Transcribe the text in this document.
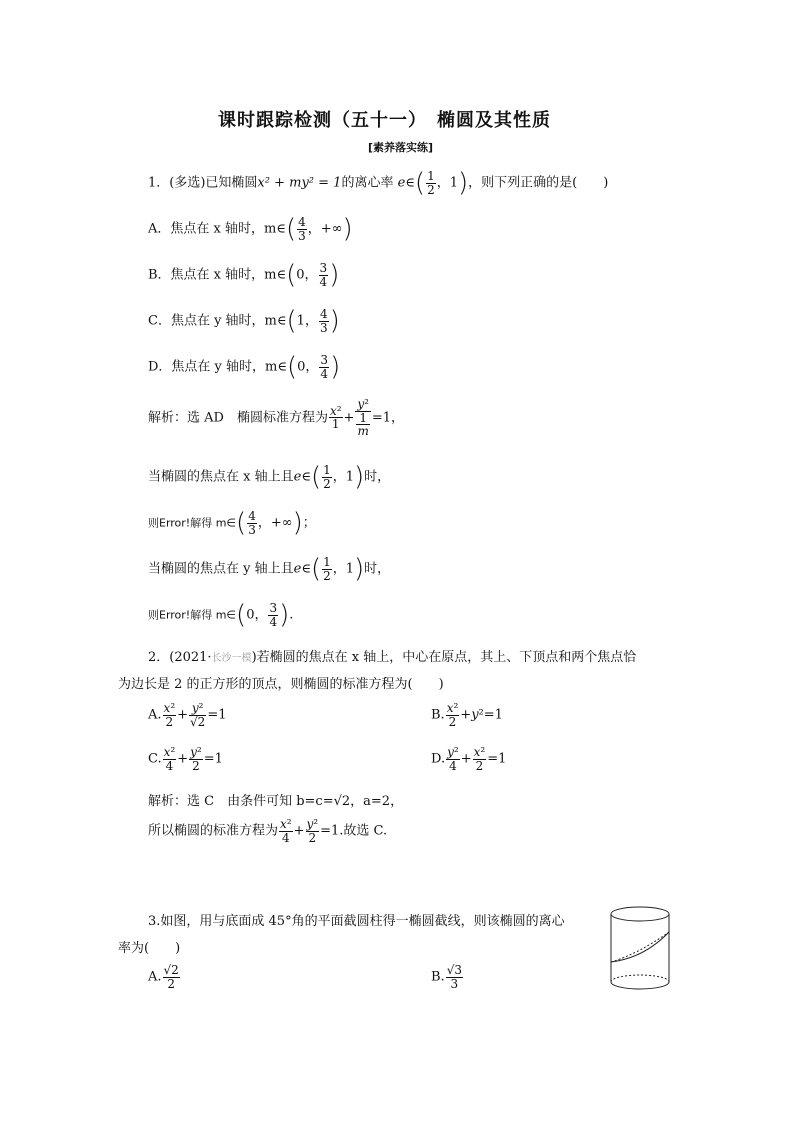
课时跟踪检测（五十一）　椭圆及其性质
[素养落实练]
1．(多选)已知椭圆x² + my² = 1的离心率 e∈( $\frac{1}{2}$ ，1)，则下列正确的是(　　)
A．焦点在 x 轴时，m∈( $\frac{4}{3}$ ，+∞)
B．焦点在 x 轴时，m∈(0， $\frac{3}{4}$ )
C．焦点在 y 轴时，m∈(1， $\frac{4}{3}$ )
D．焦点在 y 轴时，m∈(0， $\frac{3}{4}$ )
解析：选 AD　椭圆标准方程为 $\frac{\text{x²}}{1} + \frac{\text{y²}}{\frac{1}{m}} =1$，
当椭圆的焦点在 x 轴上且e∈( $\frac{1}{2}$ ，1)时，
则Error!解得 m∈( $\frac{4}{3}$ ，+∞)；
当椭圆的焦点在 y 轴上且e∈( $\frac{1}{2}$ ，1)时，
则Error!解得 m∈(0， $\frac{3}{4}$ ).
2．(2021·长沙一模)若椭圆的焦点在 x 轴上，中心在原点，其上、下顶点和两个焦点恰
为边长是 2 的正方形的顶点，则椭圆的标准方程为(　　)
A. $\frac{\text{x²}}{2} + \frac{\text{y²}}{√2} =1$	B. $\frac{\text{x²}}{2} +y^2=1$
C. $\frac{\text{x²}}{4} + \frac{\text{y²}}{2} =1$	D. $\frac{\text{y²}}{4} + \frac{\text{x²}}{2} =1$
解析：选 C　由条件可知 b=c=√2，a=2，
所以椭圆的标准方程为 $\frac{\text{x²}}{4} + \frac{\text{y²}}{2} =1$.故选 C.
3.如图，用与底面成 45°角的平面截圆柱得一椭圆截线，则该椭圆的离心
率为(　　)
A. $\frac{√2}{2}$	B. $\frac{√3}{3}$
